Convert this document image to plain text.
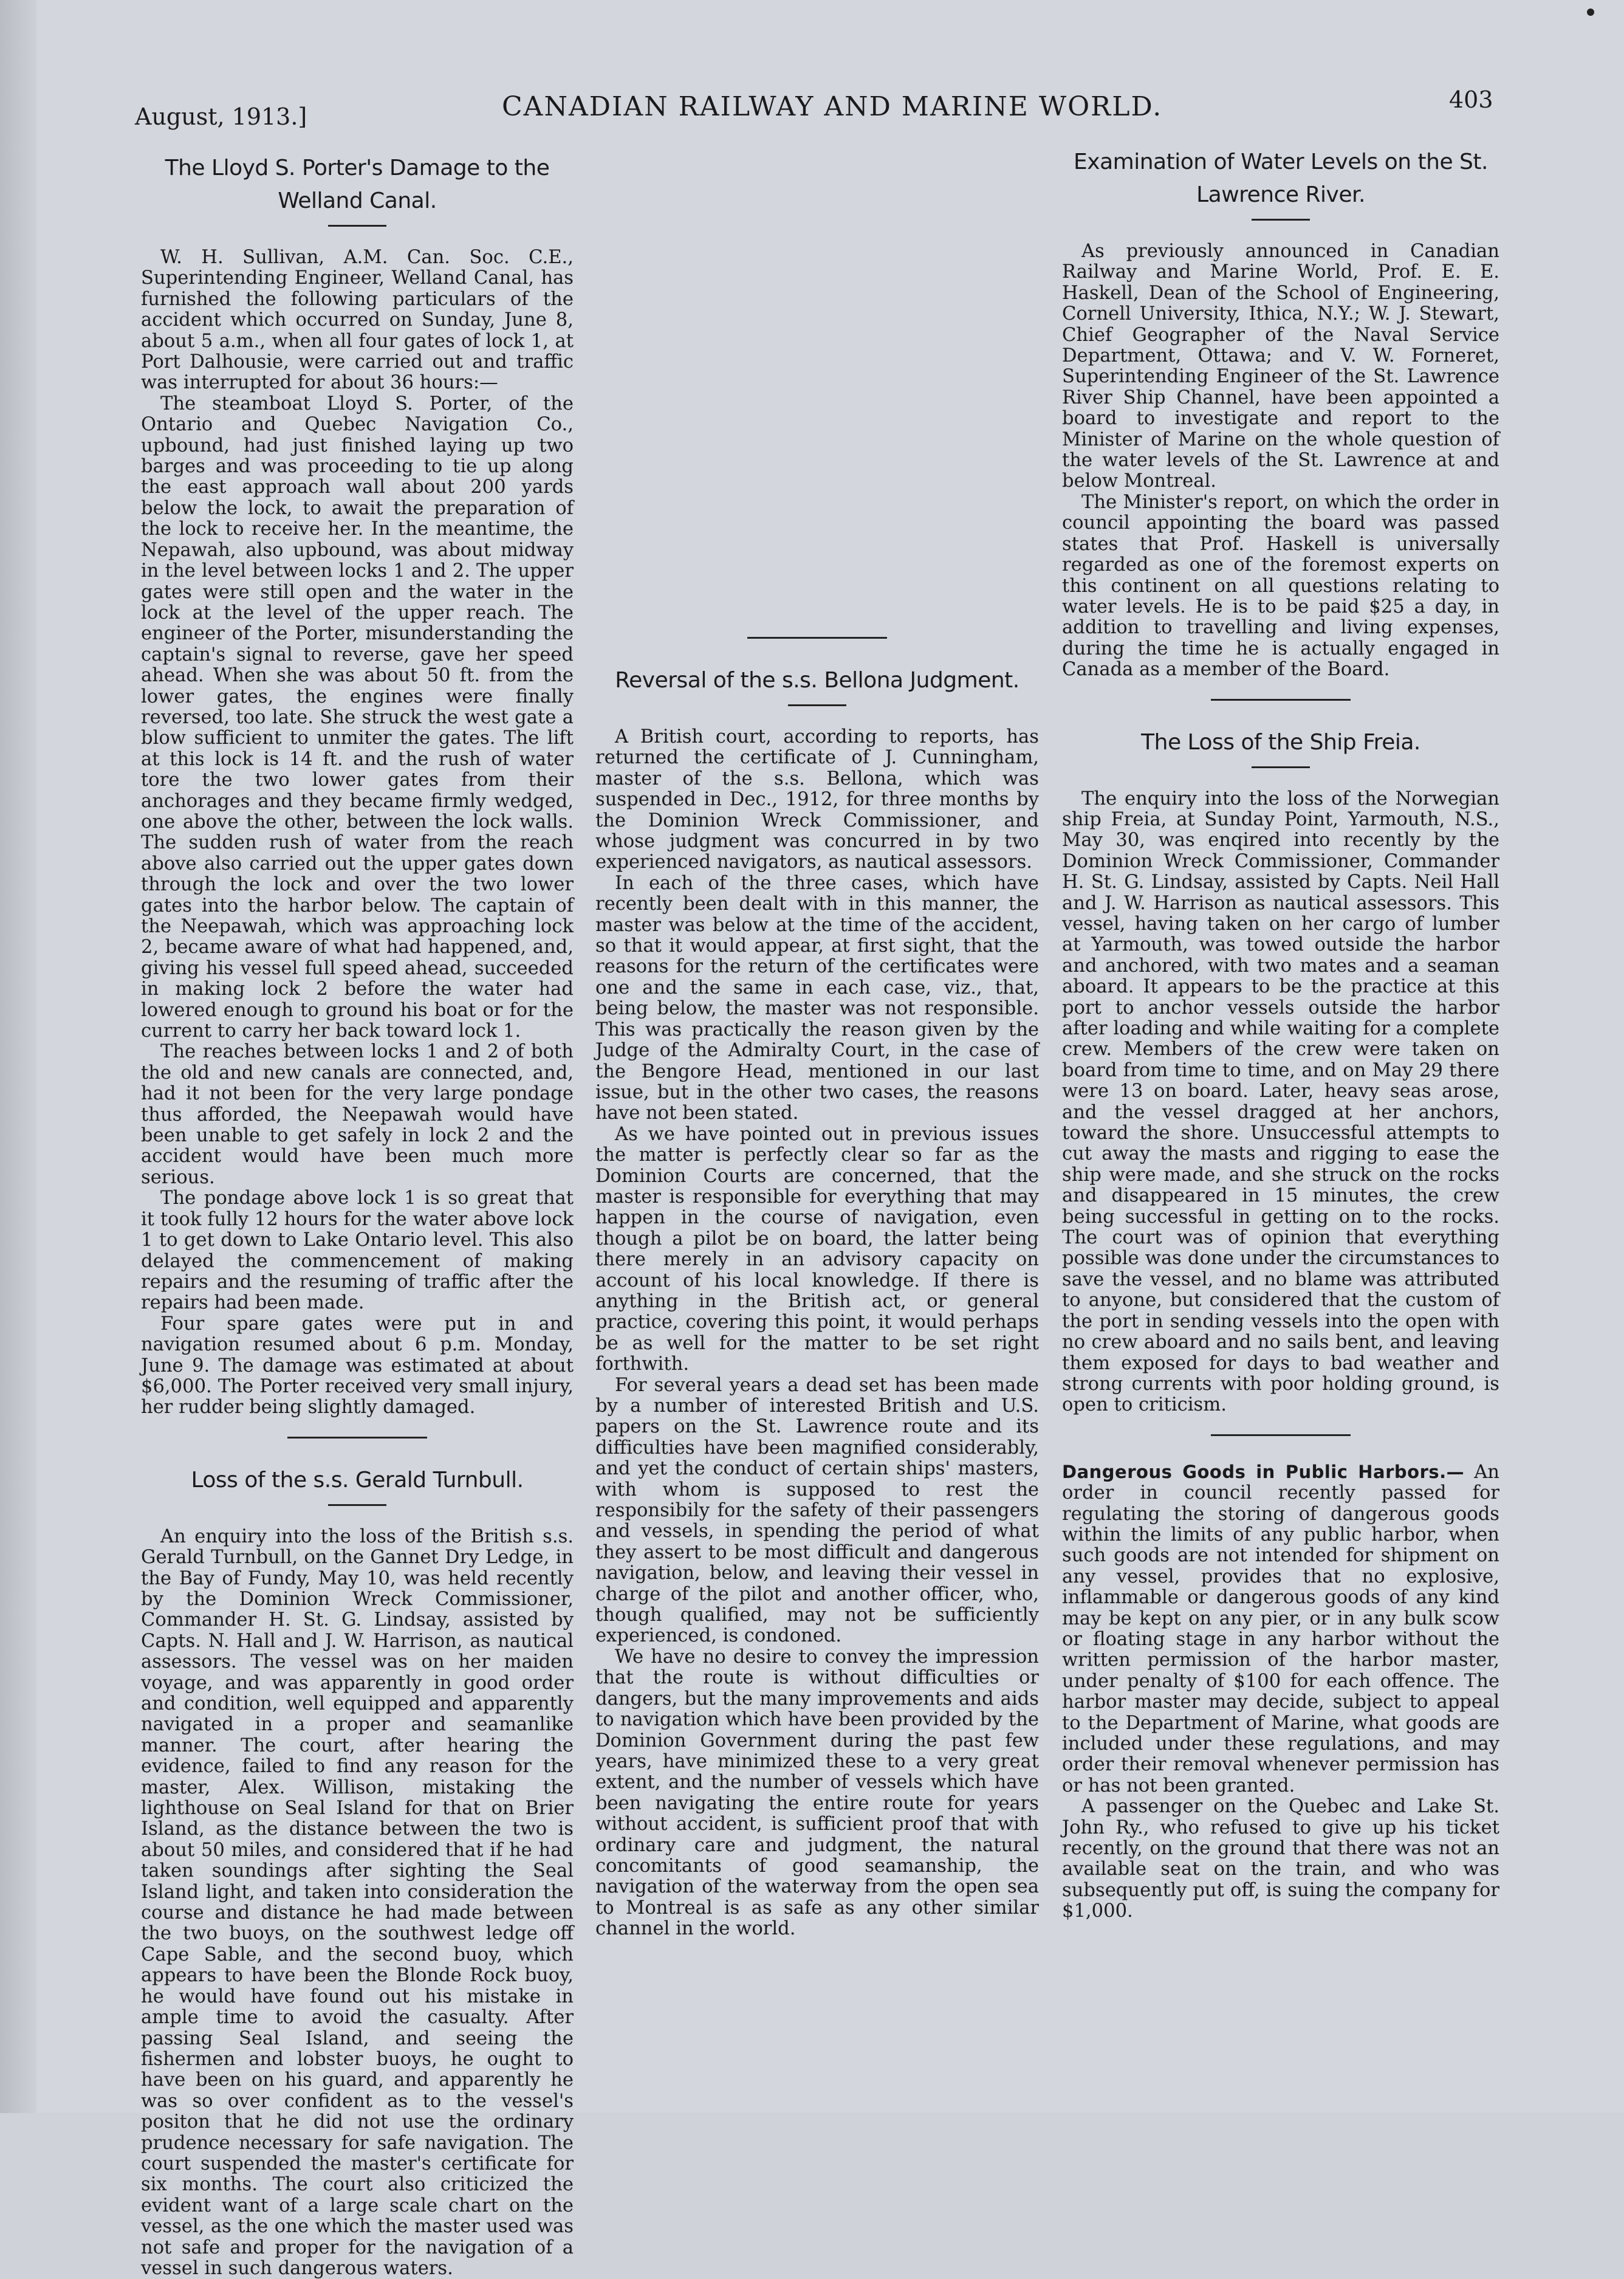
August, 1913.]	CANADIAN RAILWAY AND MARINE WORLD.	403
The Lloyd S. Porter's Damage to the Welland Canal.

W. H. Sullivan, A.M. Can. Soc. C.E., Superintending Engineer, Welland Canal, has furnished the following particulars of the accident which occurred on Sunday, June 8, about 5 a.m., when all four gates of lock 1, at Port Dalhousie, were carried out and traffic was interrupted for about 36 hours:—

The steamboat Lloyd S. Porter, of the Ontario and Quebec Navigation Co., upbound, had just finished laying up two barges and was proceeding to tie up along the east approach wall about 200 yards below the lock, to await the preparation of the lock to receive her. In the meantime, the Nepawah, also upbound, was about midway in the level between locks 1 and 2. The upper gates were still open and the water in the lock at the level of the upper reach. The engineer of the Porter, misunderstanding the captain's signal to reverse, gave her speed ahead. When she was about 50 ft. from the lower gates, the engines were finally reversed, too late. She struck the west gate a blow sufficient to unmiter the gates. The lift at this lock is 14 ft. and the rush of water tore the two lower gates from their anchorages and they became firmly wedged, one above the other, between the lock walls. The sudden rush of water from the reach above also carried out the upper gates down through the lock and over the two lower gates into the harbor below. The captain of the Neepawah, which was approaching lock 2, became aware of what had happened, and, giving his vessel full speed ahead, succeeded in making lock 2 before the water had lowered enough to ground his boat or for the current to carry her back toward lock 1.

The reaches between locks 1 and 2 of both the old and new canals are connected, and, had it not been for the very large pondage thus afforded, the Neepawah would have been unable to get safely in lock 2 and the accident would have been much more serious.

The pondage above lock 1 is so great that it took fully 12 hours for the water above lock 1 to get down to Lake Ontario level. This also delayed the commencement of making repairs and the resuming of traffic after the repairs had been made.

Four spare gates were put in and navigation resumed about 6 p.m. Monday, June 9. The damage was estimated at about $6,000. The Porter received very small injury, her rudder being slightly damaged.

Loss of the s.s. Gerald Turnbull.

An enquiry into the loss of the British s.s. Gerald Turnbull, on the Gannet Dry Ledge, in the Bay of Fundy, May 10, was held recently by the Dominion Wreck Commissioner, Commander H. St. G. Lindsay, assisted by Capts. N. Hall and J. W. Harrison, as nautical assessors. The vessel was on her maiden voyage, and was apparently in good order and condition, well equipped and apparently navigated in a proper and seamanlike manner. The court, after hearing the evidence, failed to find any reason for the master, Alex. Willison, mistaking the lighthouse on Seal Island for that on Brier Island, as the distance between the two is about 50 miles, and considered that if he had taken soundings after sighting the Seal Island light, and taken into consideration the course and distance he had made between the two buoys, on the southwest ledge off Cape Sable, and the second buoy, which appears to have been the Blonde Rock buoy, he would have found out his mistake in ample time to avoid the casualty. After passing Seal Island, and seeing the fishermen and lobster buoys, he ought to have been on his guard, and apparently he was so over confident as to the vessel's positon that he did not use the ordinary prudence necessary for safe navigation. The court suspended the master's certificate for six months. The court also criticized the evident want of a large scale chart on the vessel, as the one which the master used was not safe and proper for the navigation of a vessel in such dangerous waters.

Reversal of the s.s. Bellona Judgment.

A British court, according to reports, has returned the certificate of J. Cunningham, master of the s.s. Bellona, which was suspended in Dec., 1912, for three months by the Dominion Wreck Commissioner, and whose judgment was concurred in by two experienced navigators, as nautical assessors.

In each of the three cases, which have recently been dealt with in this manner, the master was below at the time of the accident, so that it would appear, at first sight, that the reasons for the return of the certificates were one and the same in each case, viz., that, being below, the master was not responsible. This was practically the reason given by the Judge of the Admiralty Court, in the case of the Bengore Head, mentioned in our last issue, but in the other two cases, the reasons have not been stated.

As we have pointed out in previous issues the matter is perfectly clear so far as the Dominion Courts are concerned, that the master is responsible for everything that may happen in the course of navigation, even though a pilot be on board, the latter being there merely in an advisory capacity on account of his local knowledge. If there is anything in the British act, or general practice, covering this point, it would perhaps be as well for the matter to be set right forthwith.

For several years a dead set has been made by a number of interested British and U.S. papers on the St. Lawrence route and its difficulties have been magnified considerably, and yet the conduct of certain ships' masters, with whom is supposed to rest the responsibily for the safety of their passengers and vessels, in spending the period of what they assert to be most difficult and dangerous navigation, below, and leaving their vessel in charge of the pilot and another officer, who, though qualified, may not be sufficiently experienced, is condoned.

We have no desire to convey the impression that the route is without difficulties or dangers, but the many improvements and aids to navigation which have been provided by the Dominion Government during the past few years, have minimized these to a very great extent, and the number of vessels which have been navigating the entire route for years without accident, is sufficient proof that with ordinary care and judgment, the natural concomitants of good seamanship, the navigation of the waterway from the open sea to Montreal is as safe as any other similar channel in the world.

Examination of Water Levels on the St. Lawrence River.

As previously announced in Canadian Railway and Marine World, Prof. E. E. Haskell, Dean of the School of Engineering, Cornell University, Ithica, N.Y.; W. J. Stewart, Chief Geographer of the Naval Service Department, Ottawa; and V. W. Forneret, Superintending Engineer of the St. Lawrence River Ship Channel, have been appointed a board to investigate and report to the Minister of Marine on the whole question of the water levels of the St. Lawrence at and below Montreal.

The Minister's report, on which the order in council appointing the board was passed states that Prof. Haskell is universally regarded as one of the foremost experts on this continent on all questions relating to water levels. He is to be paid $25 a day, in addition to travelling and living expenses, during the time he is actually engaged in Canada as a member of the Board.

The Loss of the Ship Freia.

The enquiry into the loss of the Norwegian ship Freia, at Sunday Point, Yarmouth, N.S., May 30, was enqired into recently by the Dominion Wreck Commissioner, Commander H. St. G. Lindsay, assisted by Capts. Neil Hall and J. W. Harrison as nautical assessors. This vessel, having taken on her cargo of lumber at Yarmouth, was towed outside the harbor and anchored, with two mates and a seaman aboard. It appears to be the practice at this port to anchor vessels outside the harbor after loading and while waiting for a complete crew. Members of the crew were taken on board from time to time, and on May 29 there were 13 on board. Later, heavy seas arose, and the vessel dragged at her anchors, toward the shore. Unsuccessful attempts to cut away the masts and rigging to ease the ship were made, and she struck on the rocks and disappeared in 15 minutes, the crew being successful in getting on to the rocks. The court was of opinion that everything possible was done under the circumstances to save the vessel, and no blame was attributed to anyone, but considered that the custom of the port in sending vessels into the open with no crew aboard and no sails bent, and leaving them exposed for days to bad weather and strong currents with poor holding ground, is open to criticism.

Dangerous Goods in Public Harbors.— An order in council recently passed for regulating the storing of dangerous goods within the limits of any public harbor, when such goods are not intended for shipment on any vessel, provides that no explosive, inflammable or dangerous goods of any kind may be kept on any pier, or in any bulk scow or floating stage in any harbor without the written permission of the harbor master, under penalty of $100 for each offence. The harbor master may decide, subject to appeal to the Department of Marine, what goods are included under these regulations, and may order their removal whenever permission has or has not been granted.

A passenger on the Quebec and Lake St. John Ry., who refused to give up his ticket recently, on the ground that there was not an available seat on the train, and who was subsequently put off, is suing the company for $1,000.
